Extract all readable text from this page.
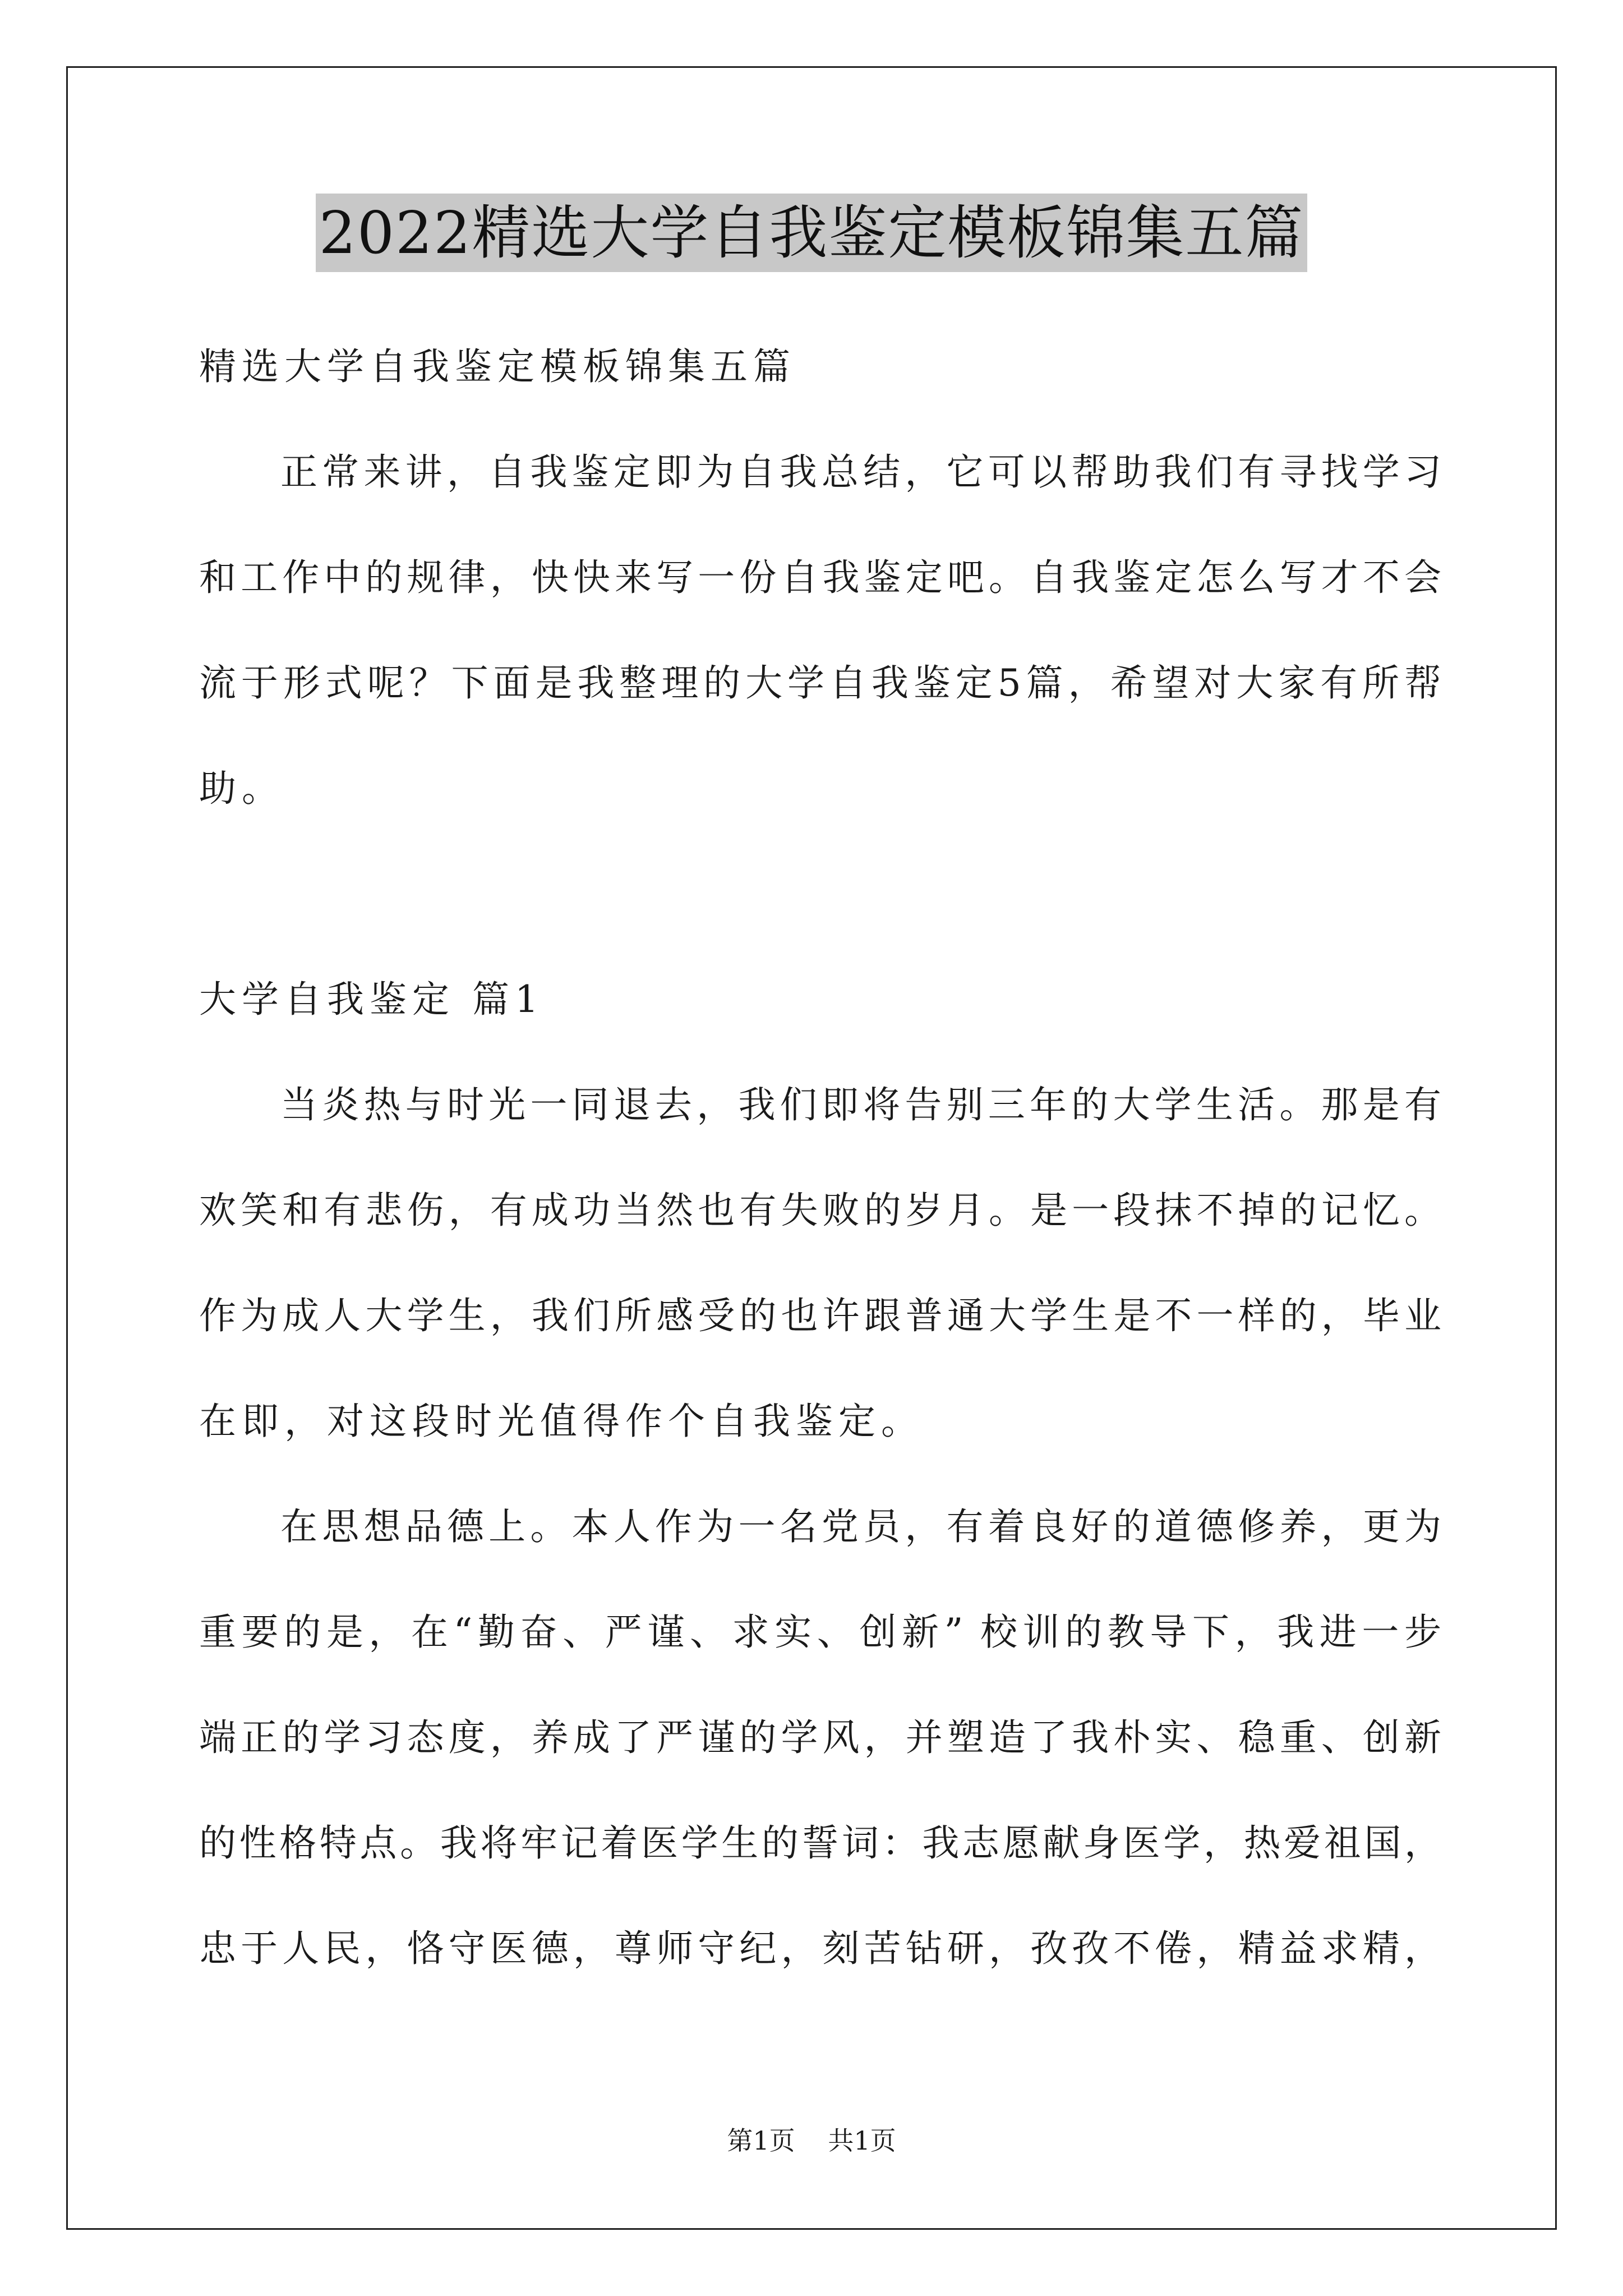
2022精选大学自我鉴定模板锦集五篇
精选大学自我鉴定模板锦集五篇
正常来讲，自我鉴定即为自我总结，它可以帮助我们有寻找学习
和工作中的规律，快快来写一份自我鉴定吧。自我鉴定怎么写才不会
流于形式呢？下面是我整理的大学自我鉴定5篇，希望对大家有所帮
助。
大学自我鉴定 篇1
当炎热与时光一同退去，我们即将告别三年的大学生活。那是有
欢笑和有悲伤，有成功当然也有失败的岁月。是一段抹不掉的记忆。
作为成人大学生，我们所感受的也许跟普通大学生是不一样的，毕业
在即，对这段时光值得作个自我鉴定。
在思想品德上。本人作为一名党员，有着良好的道德修养，更为
重要的是，在“勤奋、严谨、求实、创新” 校训的教导下，我进一步
端正的学习态度，养成了严谨的学风，并塑造了我朴实、稳重、创新
的性格特点。我将牢记着医学生的誓词：我志愿献身医学，热爱祖国，
忠于人民，恪守医德，尊师守纪，刻苦钻研，孜孜不倦，精益求精，
第1页 共1页
